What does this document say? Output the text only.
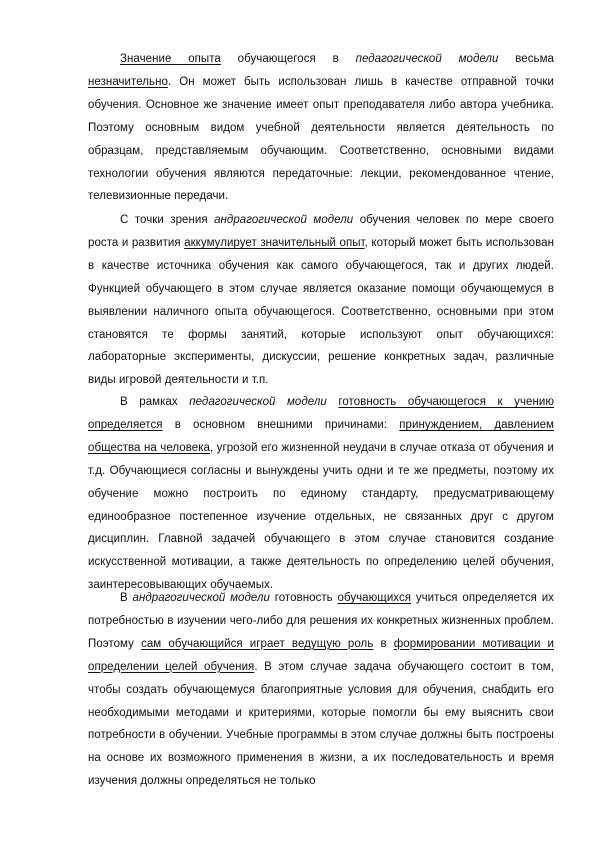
Значение опыта обучающегося в педагогической модели весьма незначительно. Он может быть использован лишь в качестве отправной точки обучения. Основное же значение имеет опыт преподавателя либо автора учебника. Поэтому основным видом учебной деятельности является деятельность по образцам, представляемым обучающим. Соответственно, основными видами технологии обучения являются передаточные: лекции, рекомендованное чтение, телевизионные передачи.

С точки зрения андрагогической модели обучения человек по мере своего роста и развития аккумулирует значительный опыт, который может быть использован в качестве источника обучения как самого обучающегося, так и других людей. Функцией обучающего в этом случае является оказание помощи обучающемуся в выявлении наличного опыта обучающегося. Соответственно, основными при этом становятся те формы занятий, которые используют опыт обучающихся: лабораторные эксперименты, дискуссии, решение конкретных задач, различные виды игровой деятельности и т.п.

В рамках педагогической модели готовность обучающегося к учению определяется в основном внешними причинами: принуждением, давлением общества на человека, угрозой его жизненной неудачи в случае отказа от обучения и т.д. Обучающиеся согласны и вынуждены учить одни и те же предметы, поэтому их обучение можно построить по единому стандарту, предусматривающему единообразное постепенное изучение отдельных, не связанных друг с другом дисциплин. Главной задачей обучающего в этом случае становится создание искусственной мотивации, а также деятельность по определению целей обучения, заинтересовывающих обучаемых.

В андрагогической модели готовность обучающихся учиться определяется их потребностью в изучении чего-либо для решения их конкретных жизненных проблем. Поэтому сам обучающийся играет ведущую роль в формировании мотивации и определении целей обучения. В этом случае задача обучающего состоит в том, чтобы создать обучающемуся благоприятные условия для обучения, снабдить его необходимыми методами и критериями, которые помогли бы ему выяснить свои потребности в обучении. Учебные программы в этом случае должны быть построены на основе их возможного применения в жизни, а их последовательность и время изучения должны определяться не только
